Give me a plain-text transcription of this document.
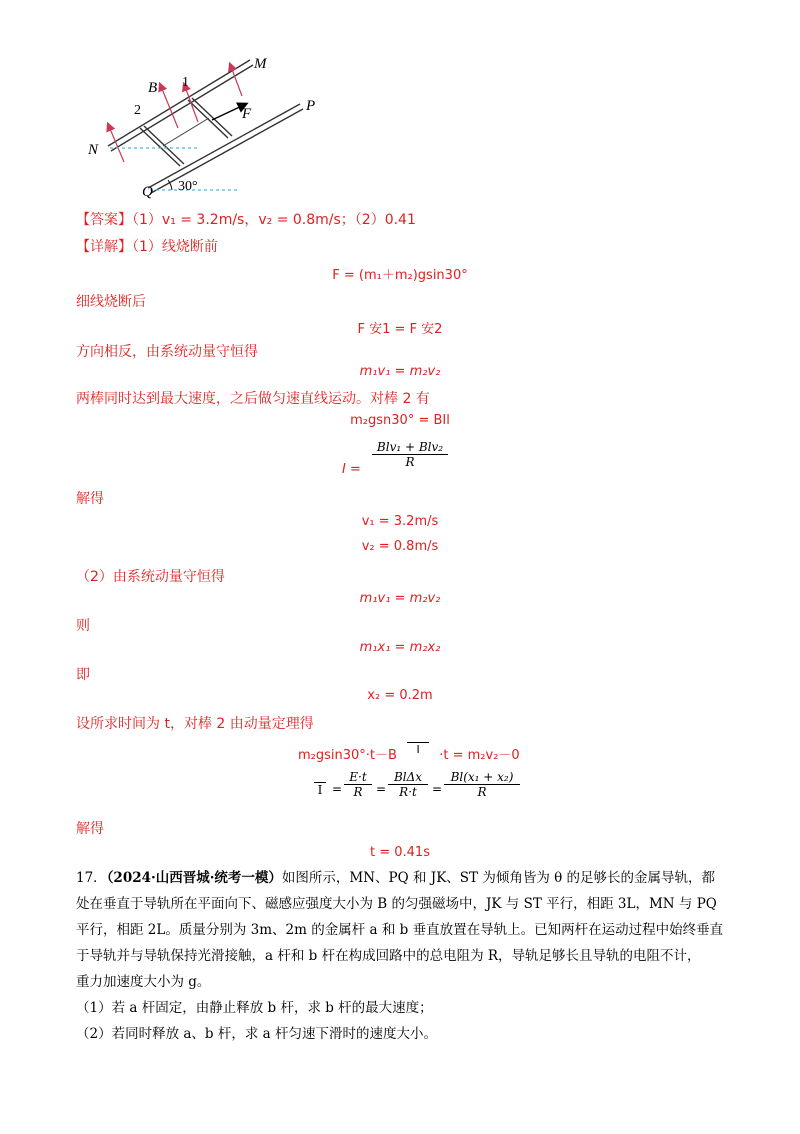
M
P
N
Q
B
F
1
2
30°
【答案】（1）v₁ = 3.2m/s，v₂ = 0.8m/s；（2）0.41
【详解】（1）线烧断前
F = (m₁＋m₂)gsin30°
细线烧断后
F 安1 = F 安2
方向相反，由系统动量守恒得
m₁v₁ = m₂v₂
两棒同时达到最大速度，之后做匀速直线运动。对棒 2 有
m₂gsn30° = BIl
I =
Blv₁ + Blv₂
R
解得
v₁ = 3.2m/s
v₂ = 0.8m/s
（2）由系统动量守恒得
m₁v₁ = m₂v₂
则
m₁x₁ = m₂x₂
即
x₂ = 0.2m
设所求时间为 t，对棒 2 由动量定理得
m₂gsin30°·t－B I ·t = m₂v₂－0
$I = \frac{E\cdot t}{R}$ =
BlΔx
R·t	= $\frac{\text{Bl(x₁ + x₂)}}{R}$
解得
t = 0.41s
17．（2024·山西晋城·统考一模）如图所示，MN、PQ 和 JK、ST 为倾角皆为 θ 的足够长的金属导轨，都
处在垂直于导轨所在平面向下、磁感应强度大小为 B 的匀强磁场中，JK 与 ST 平行，相距 3L，MN 与 PQ
平行，相距 2L。质量分别为 3m、2m 的金属杆 a 和 b 垂直放置在导轨上。已知两杆在运动过程中始终垂直
于导轨并与导轨保持光滑接触，a 杆和 b 杆在构成回路中的总电阻为 R，导轨足够长且导轨的电阻不计，
重力加速度大小为 g。
（1）若 a 杆固定，由静止释放 b 杆，求 b 杆的最大速度；
（2）若同时释放 a、b 杆，求 a 杆匀速下滑时的速度大小。
